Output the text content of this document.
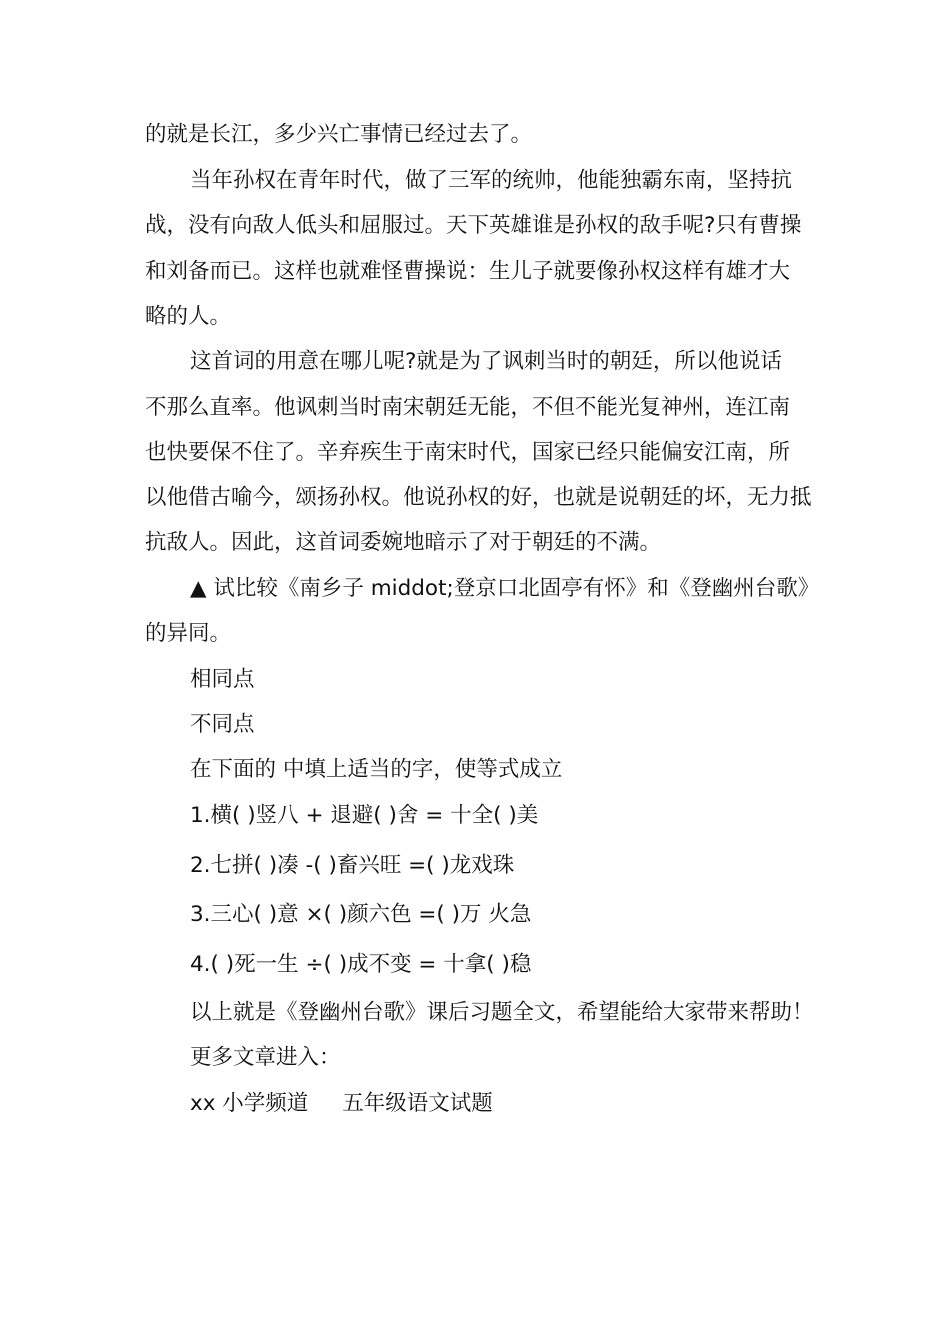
的就是长江，多少兴亡事情已经过去了。
当年孙权在青年时代，做了三军的统帅，他能独霸东南，坚持抗
战，没有向敌人低头和屈服过。天下英雄谁是孙权的敌手呢?只有曹操
和刘备而已。这样也就难怪曹操说：生儿子就要像孙权这样有雄才大
略的人。
这首词的用意在哪儿呢?就是为了讽刺当时的朝廷，所以他说话
不那么直率。他讽刺当时南宋朝廷无能，不但不能光复神州，连江南
也快要保不住了。辛弃疾生于南宋时代，国家已经只能偏安江南，所
以他借古喻今，颂扬孙权。他说孙权的好，也就是说朝廷的坏，无力抵
抗敌人。因此，这首词委婉地暗示了对于朝廷的不满。
▲ 试比较《南乡子 middot;登京口北固亭有怀》和《登幽州台歌》
的异同。
相同点
不同点
在下面的 中填上适当的字，使等式成立
1.横( )竖八 + 退避( )舍 = 十全( )美
2.七拼( )凑 -( )畜兴旺 =( )龙戏珠
3.三心( )意 ×( )颜六色 =( )万 火急
4.( )死一生 ÷( )成不变 = 十拿( )稳
以上就是《登幽州台歌》课后习题全文，希望能给大家带来帮助！
更多文章进入：
xx 小学频道 五年级语文试题
